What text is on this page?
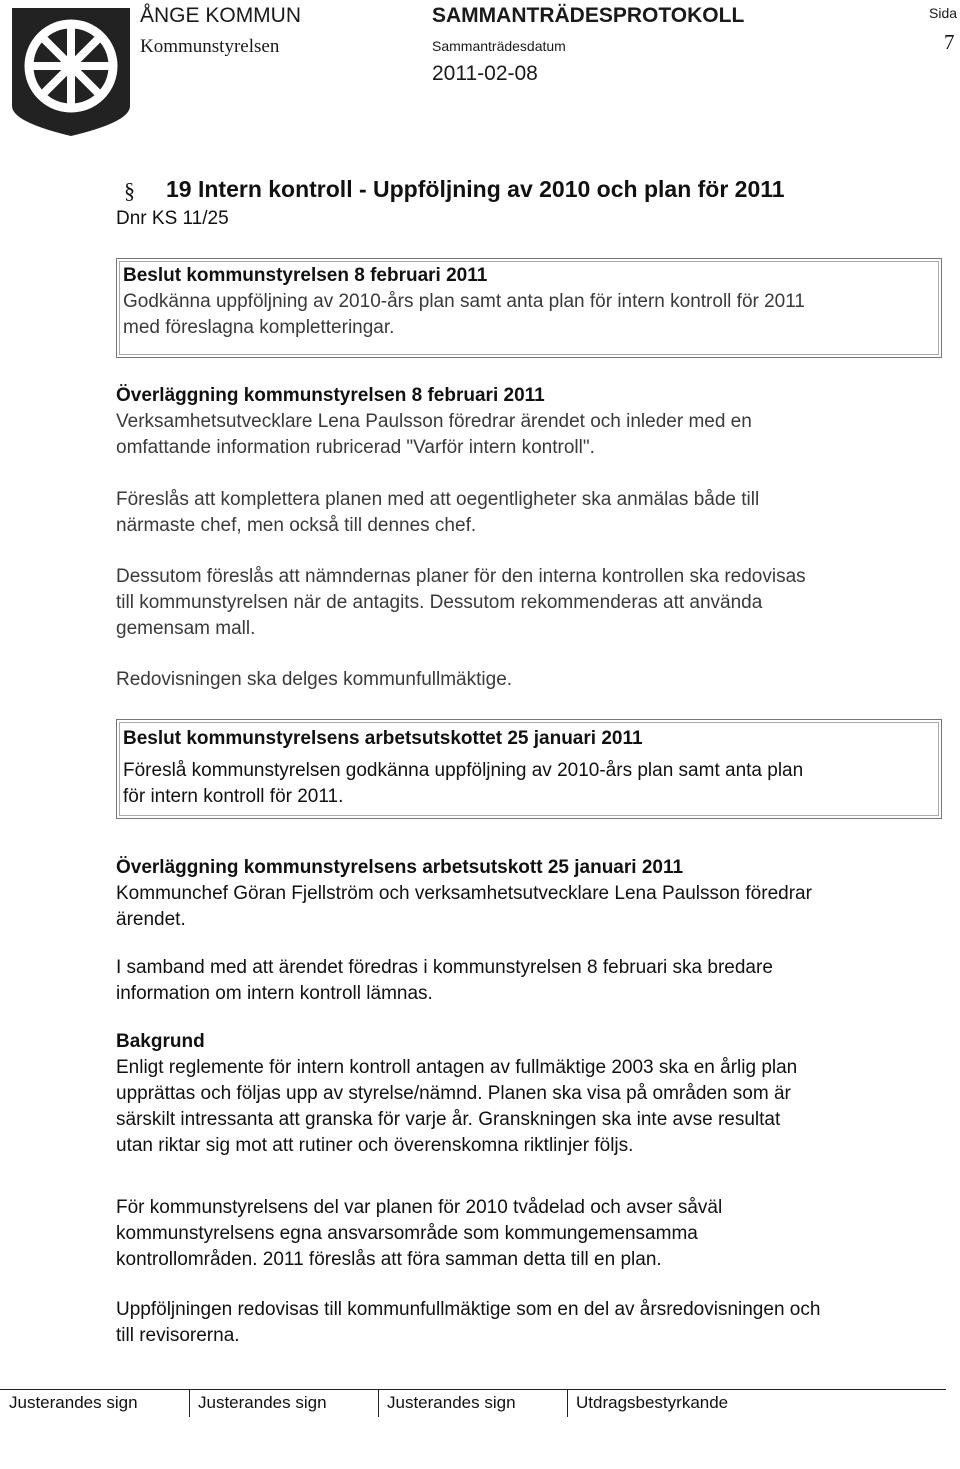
ÅNGE KOMMUN
Kommunstyrelsen
SAMMANTRÄDESPROTOKOLL
Sammanträdesdatum
2011-02-08
Sida
7
§ 19 Intern kontroll - Uppföljning av 2010 och plan för 2011
Dnr KS 11/25

Beslut kommunstyrelsen 8 februari 2011

Godkänna uppföljning av 2010-års plan samt anta plan för intern kontroll för 2011

med föreslagna kompletteringar.

Överläggning kommunstyrelsen 8 februari 2011

Verksamhetsutvecklare Lena Paulsson föredrar ärendet och inleder med en

omfattande information rubricerad "Varför intern kontroll".

Föreslås att komplettera planen med att oegentligheter ska anmälas både till

närmaste chef, men också till dennes chef.

Dessutom föreslås att nämndernas planer för den interna kontrollen ska redovisas

till kommunstyrelsen när de antagits. Dessutom rekommenderas att använda

gemensam mall.

Redovisningen ska delges kommunfullmäktige.

Beslut kommunstyrelsens arbetsutskottet 25 januari 2011

Föreslå kommunstyrelsen godkänna uppföljning av 2010-års plan samt anta plan

för intern kontroll för 2011.

Överläggning kommunstyrelsens arbetsutskott 25 januari 2011

Kommunchef Göran Fjellström och verksamhetsutvecklare Lena Paulsson föredrar

ärendet.

I samband med att ärendet föredras i kommunstyrelsen 8 februari ska bredare

information om intern kontroll lämnas.

Bakgrund

Enligt reglemente för intern kontroll antagen av fullmäktige 2003 ska en årlig plan

upprättas och följas upp av styrelse/nämnd. Planen ska visa på områden som är

särskilt intressanta att granska för varje år. Granskningen ska inte avse resultat

utan riktar sig mot att rutiner och överenskomna riktlinjer följs.

För kommunstyrelsens del var planen för 2010 tvådelad och avser såväl

kommunstyrelsens egna ansvarsområde som kommungemensamma

kontrollområden. 2011 föreslås att föra samman detta till en plan.

Uppföljningen redovisas till kommunfullmäktige som en del av årsredovisningen och

till revisorerna.

Justerandes sign	Justerandes sign	Justerandes sign	Utdragsbestyrkande
